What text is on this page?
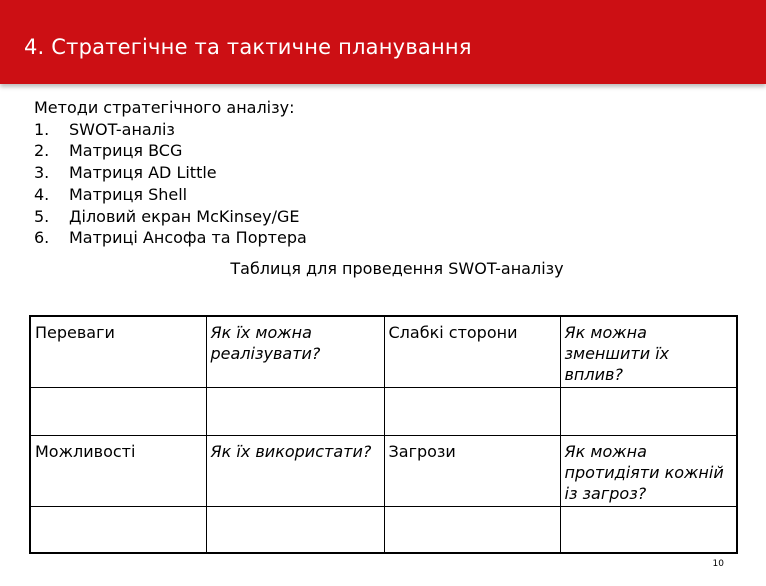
4. Стратегічне та тактичне планування
Методи стратегічного аналізу:
1.	SWOT-аналіз
2.	Матриця BCG
3.	Матриця AD Little
4.	Матриця Shell
5.	Діловий екран McKinsey/GE
6.	Матриці Ансофа та Портера
Таблиця для проведення SWOT-аналізу
Переваги	Як їх можна реалізувати?	Слабкі сторони	Як можна зменшити їх вплив?

Можливості	Як їх використати?	Загрози	Як можна протидіяти кожній із загроз?

10
